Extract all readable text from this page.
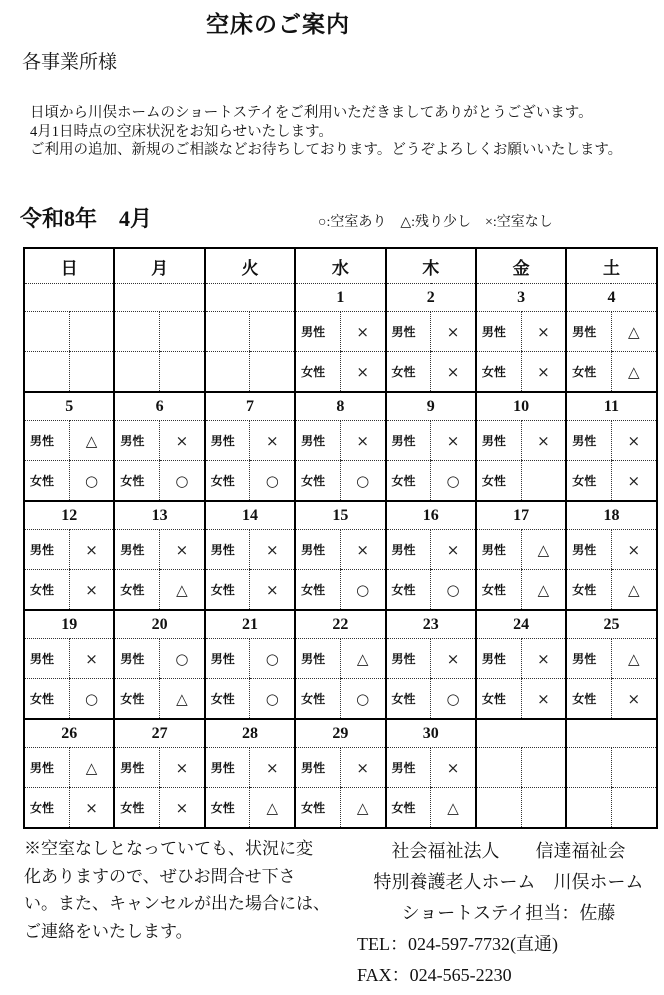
空床のご案内
各事業所様
日頃から川俣ホームのショートステイをご利用いただきましてありがとうございます。
4月1日時点の空床状況をお知らせいたします。
ご利用の追加、新規のご相談などお待ちしております。どうぞよろしくお願いいたします。
令和8年　4月	○:空室あり　△:残り少し　×:空室なし
日		月		火		水		木		金		土	
						1		2		3		4	
						男性	×	男性	×	男性	×	男性	△
						女性	×	女性	×	女性	×	女性	△
5		6		7		8		9		10		11	
男性	△	男性	×	男性	×	男性	×	男性	×	男性	×	男性	×
女性	○	女性	○	女性	○	女性	○	女性	○	女性		女性	×
12		13		14		15		16		17		18	
男性	×	男性	×	男性	×	男性	×	男性	×	男性	△	男性	×
女性	×	女性	△	女性	×	女性	○	女性	○	女性	△	女性	△
19		20		21		22		23		24		25	
男性	×	男性	○	男性	○	男性	△	男性	×	男性	×	男性	△
女性	○	女性	△	女性	○	女性	○	女性	○	女性	×	女性	×
26		27		28		29		30					
男性	△	男性	×	男性	×	男性	×	男性	×				
女性	×	女性	×	女性	△	女性	△	女性	△				
※空室なしとなっていても、状況に変
化ありますので、ぜひお問合せ下さ
い。また、キャンセルが出た場合には、
ご連絡をいたします。
社会福祉法人　　信達福祉会
特別養護老人ホーム　川俣ホーム
ショートステイ担当：佐藤
TEL：024-597-7732(直通)
FAX：024-565-2230
